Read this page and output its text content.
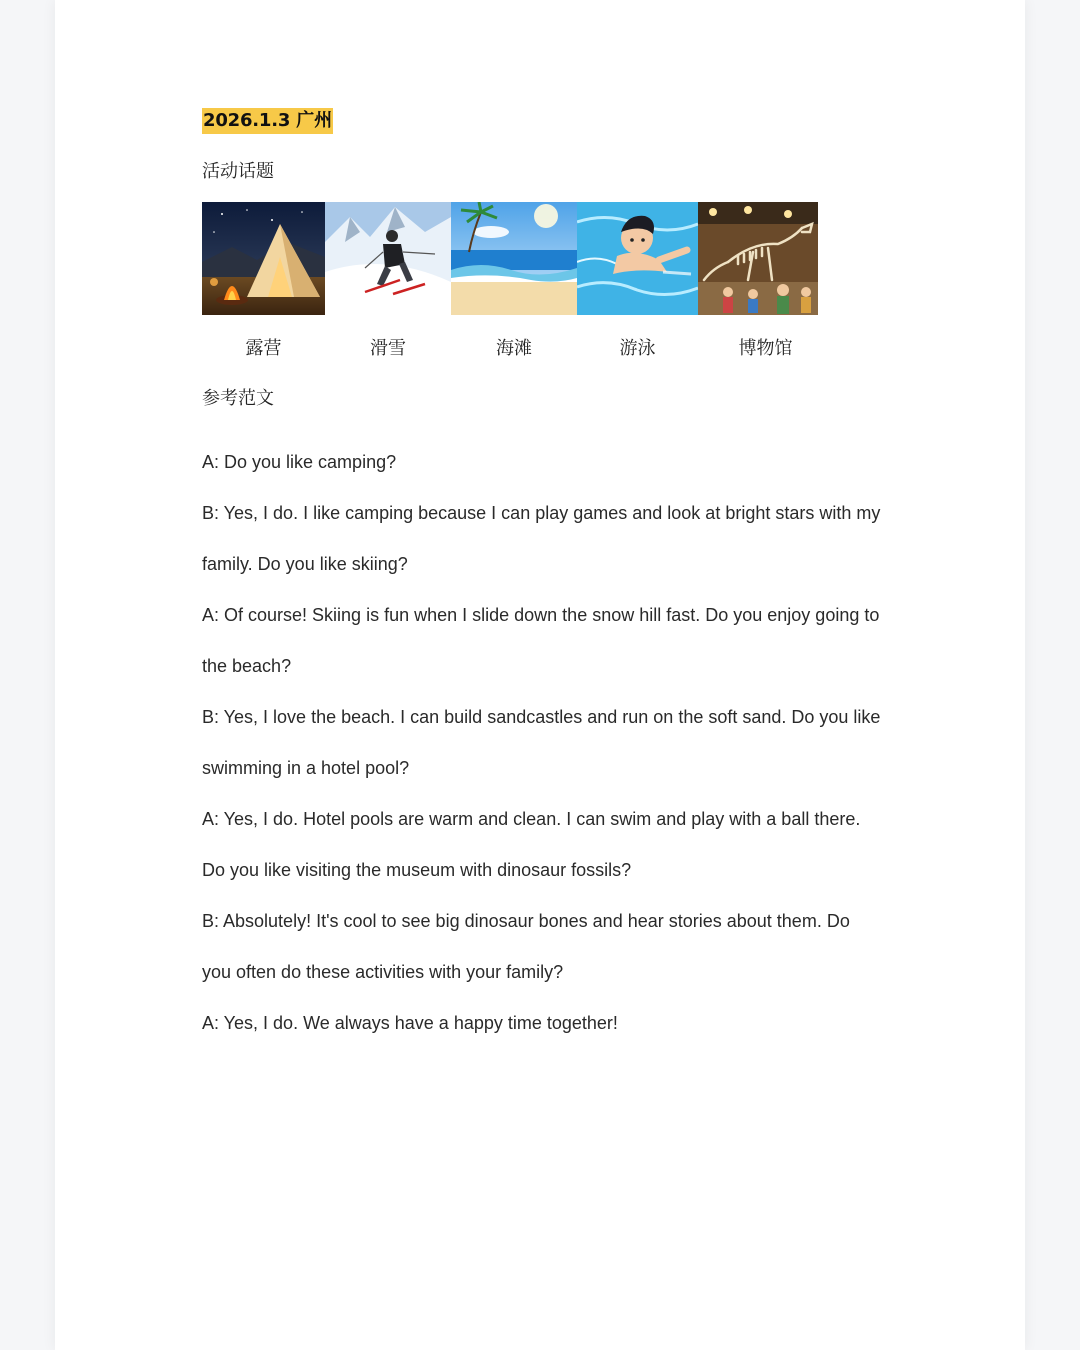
2026.1.3 广州
活动话题
露营	滑雪	海滩	游泳	博物馆
参考范文

A: Do you like camping?

B: Yes, I do. I like camping because I can play games and look at bright stars with my family. Do you like skiing?

A: Of course! Skiing is fun when I slide down the snow hill fast. Do you enjoy going to the beach?

B: Yes, I love the beach. I can build sandcastles and run on the soft sand. Do you like swimming in a hotel pool?

A: Yes, I do. Hotel pools are warm and clean. I can swim and play with a ball there. Do you like visiting the museum with dinosaur fossils?

B: Absolutely! It's cool to see big dinosaur bones and hear stories about them. Do you often do these activities with your family?

A: Yes, I do. We always have a happy time together!
